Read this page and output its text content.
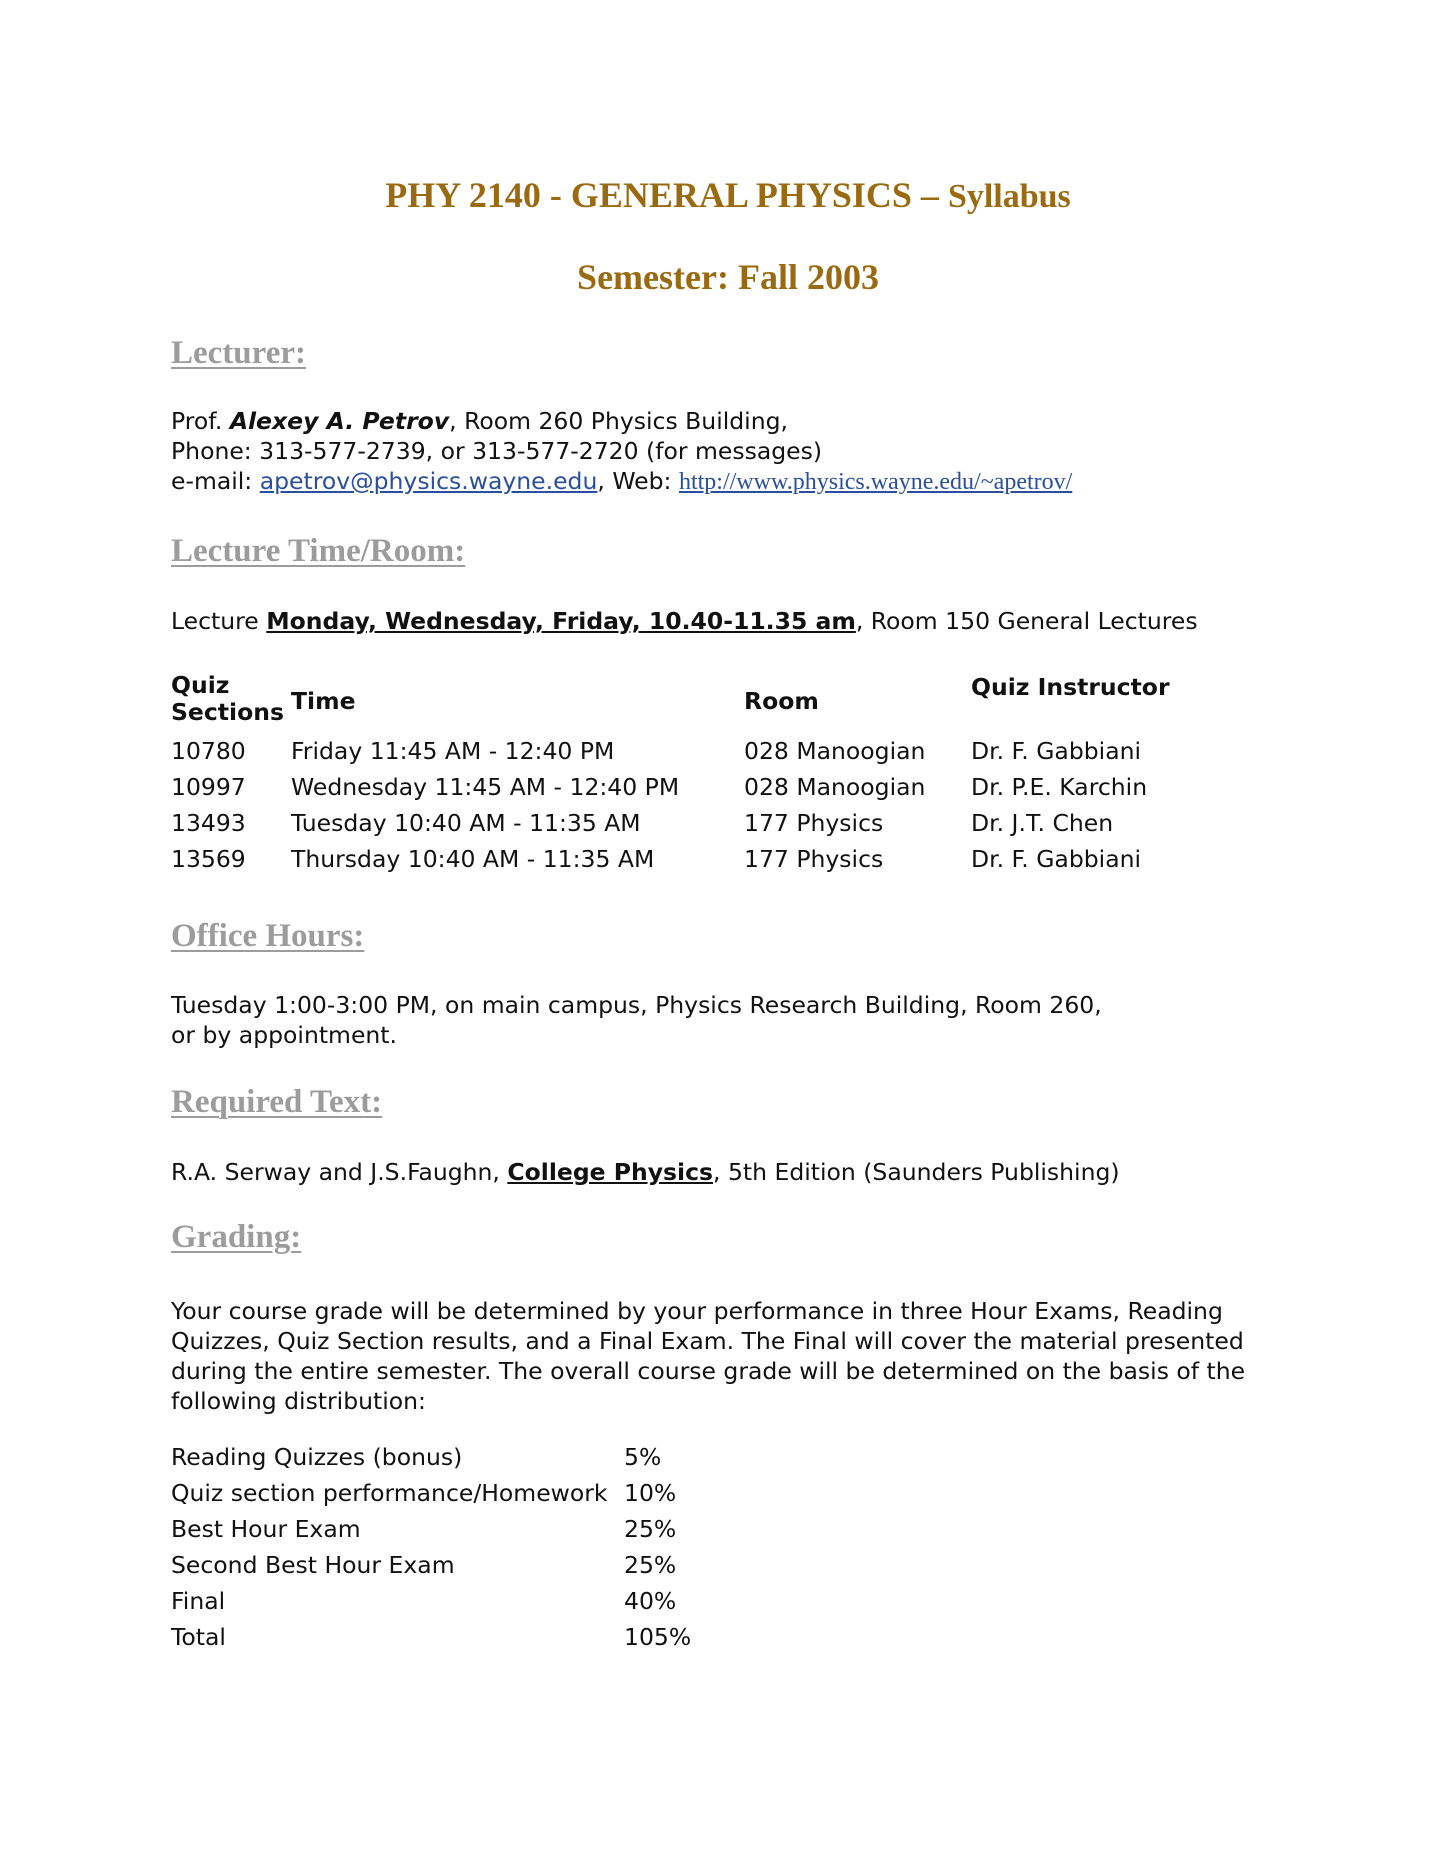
PHY 2140 - GENERAL PHYSICS – Syllabus
Semester: Fall 2003
Lecturer:
Prof. Alexey A. Petrov, Room 260 Physics Building,
Phone: 313-577-2739, or 313-577-2720 (for messages)
e-mail: apetrov@physics.wayne.edu, Web: http://www.physics.wayne.edu/~apetrov/
Lecture Time/Room:
Lecture Monday, Wednesday, Friday, 10.40-11.35 am, Room 150 General Lectures
Quiz Sections Time	Room	Quiz Instructor
10780 Friday 11:45 AM - 12:40 PM	028 Manoogian Dr. F. Gabbiani
10997 Wednesday 11:45 AM - 12:40 PM	028 Manoogian Dr. P.E. Karchin
13493 Tuesday 10:40 AM - 11:35 AM	177 Physics	Dr. J.T. Chen
13569 Thursday 10:40 AM - 11:35 AM	177 Physics	Dr. F. Gabbiani
Office Hours:
Tuesday 1:00-3:00 PM, on main campus, Physics Research Building, Room 260,
or by appointment.
Required Text:
R.A. Serway and J.S.Faughn, College Physics, 5th Edition (Saunders Publishing)
Grading:
Your course grade will be determined by your performance in three Hour Exams, Reading
Quizzes, Quiz Section results, and a Final Exam. The Final will cover the material presented
during the entire semester. The overall course grade will be determined on the basis of the
following distribution:
Reading Quizzes (bonus)	5%
Quiz section performance/Homework 10%
Best Hour Exam	25%
Second Best Hour Exam	25%
Final	40%
Total	105%
